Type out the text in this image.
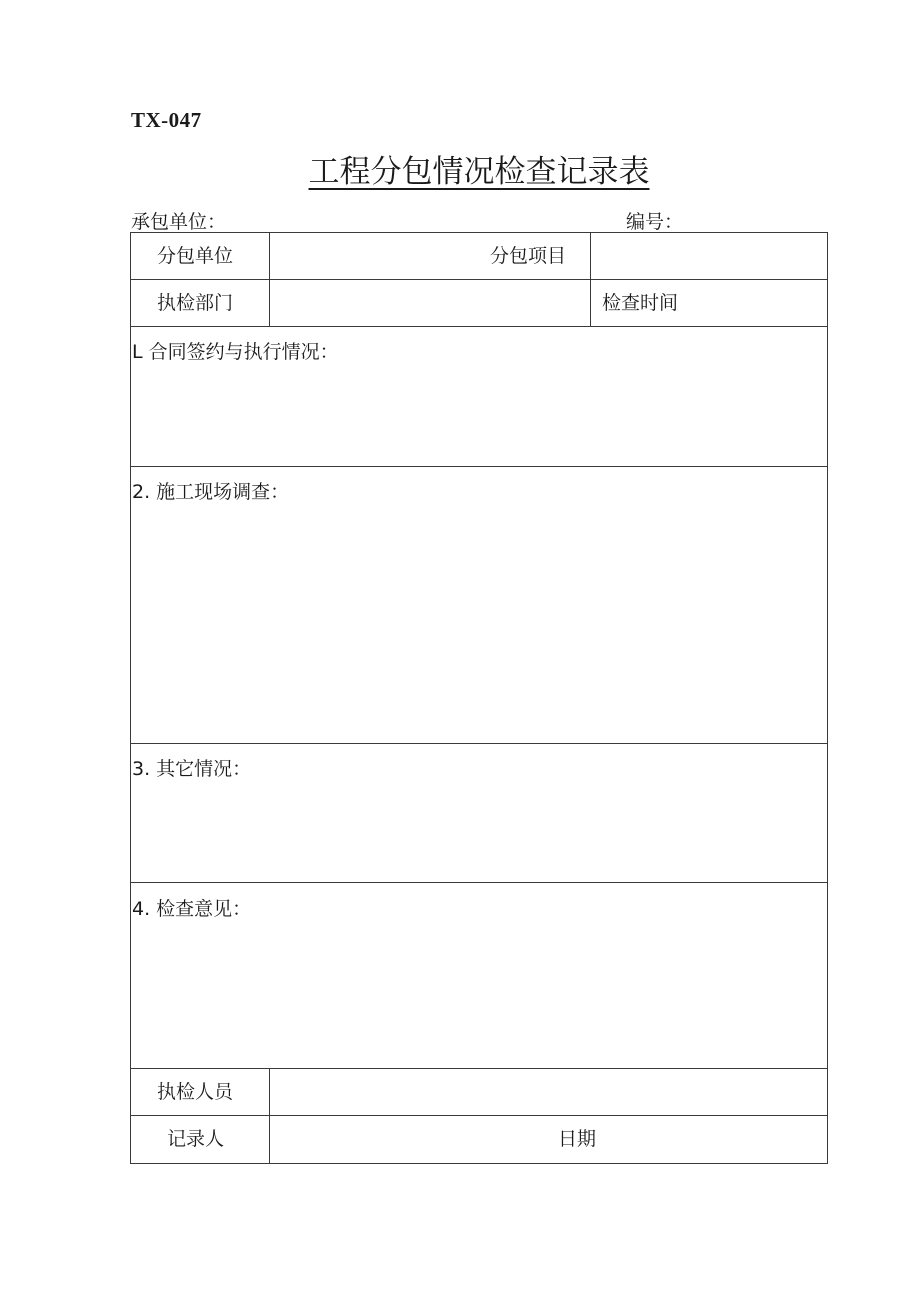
TX-047
工程分包情况检查记录表
承包单位：	编号：
分包单位	分包项目
执检部门	检查时间
L 合同签约与执行情况：
2. 施工现场调查：
3. 其它情况：
4. 检查意见：
执检人员
记录人	日期
